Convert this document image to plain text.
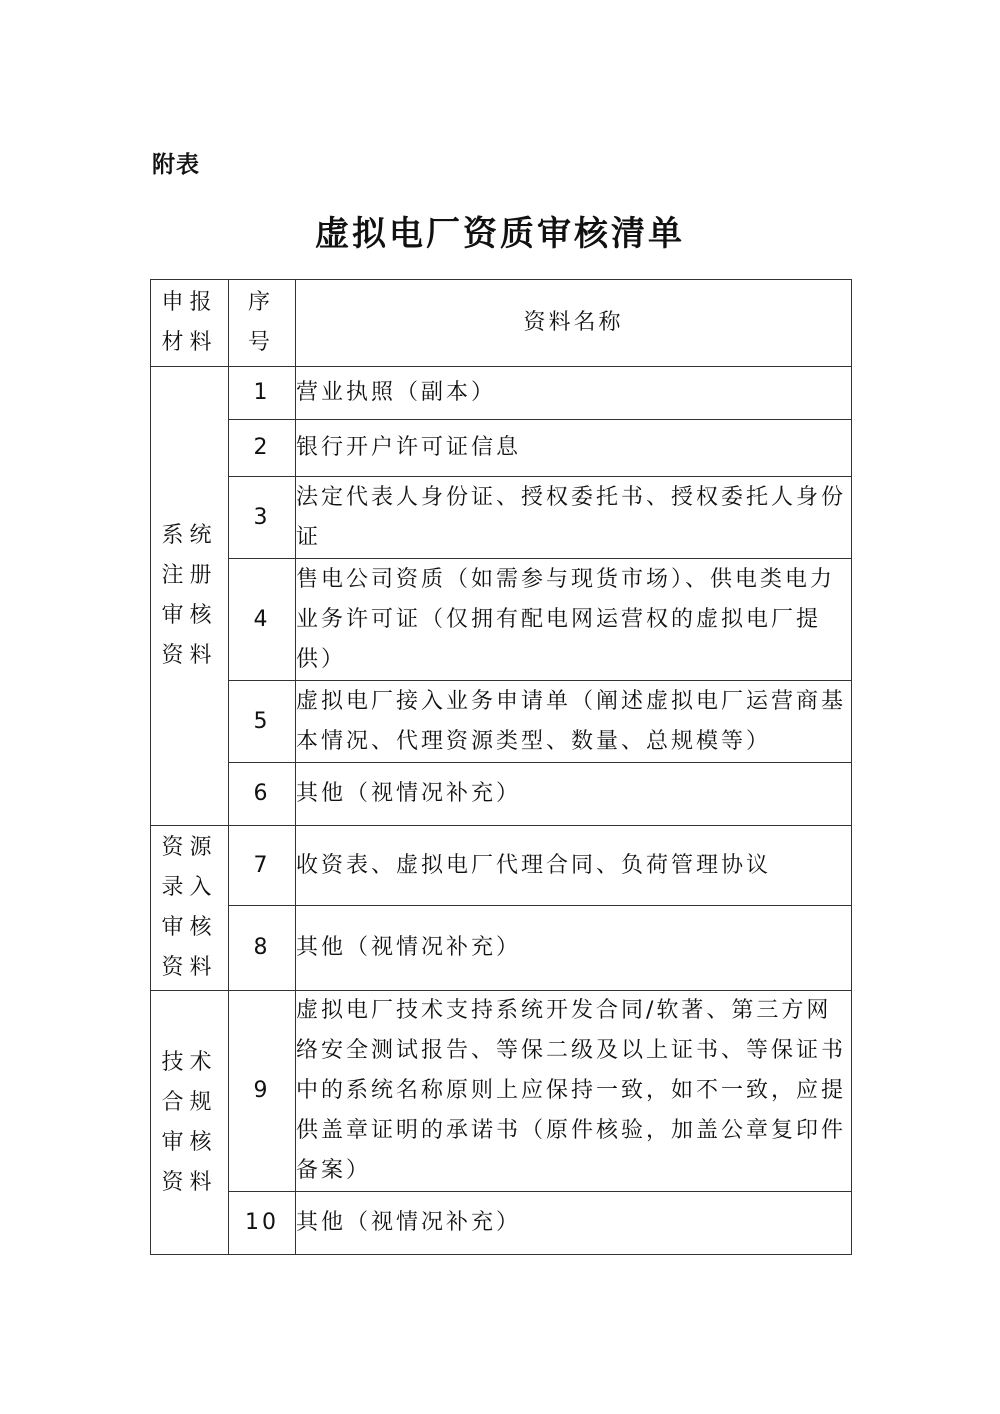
附表
虚拟电厂资质审核清单
申报材料	序号	资料名称
系统注册审核资料	1	营业执照（副本）
	2	银行开户许可证信息
	3	法定代表人身份证、授权委托书、授权委托人身份证
	4	售电公司资质（如需参与现货市场）、供电类电力业务许可证（仅拥有配电网运营权的虚拟电厂提供）
	5	虚拟电厂接入业务申请单（阐述虚拟电厂运营商基本情况、代理资源类型、数量、总规模等）
	6	其他（视情况补充）
资源录入审核资料	7	收资表、虚拟电厂代理合同、负荷管理协议
	8	其他（视情况补充）
技术合规审核资料	9	虚拟电厂技术支持系统开发合同/软著、第三方网络安全测试报告、等保二级及以上证书、等保证书中的系统名称原则上应保持一致，如不一致，应提供盖章证明的承诺书（原件核验，加盖公章复印件备案）
	10	其他（视情况补充）
